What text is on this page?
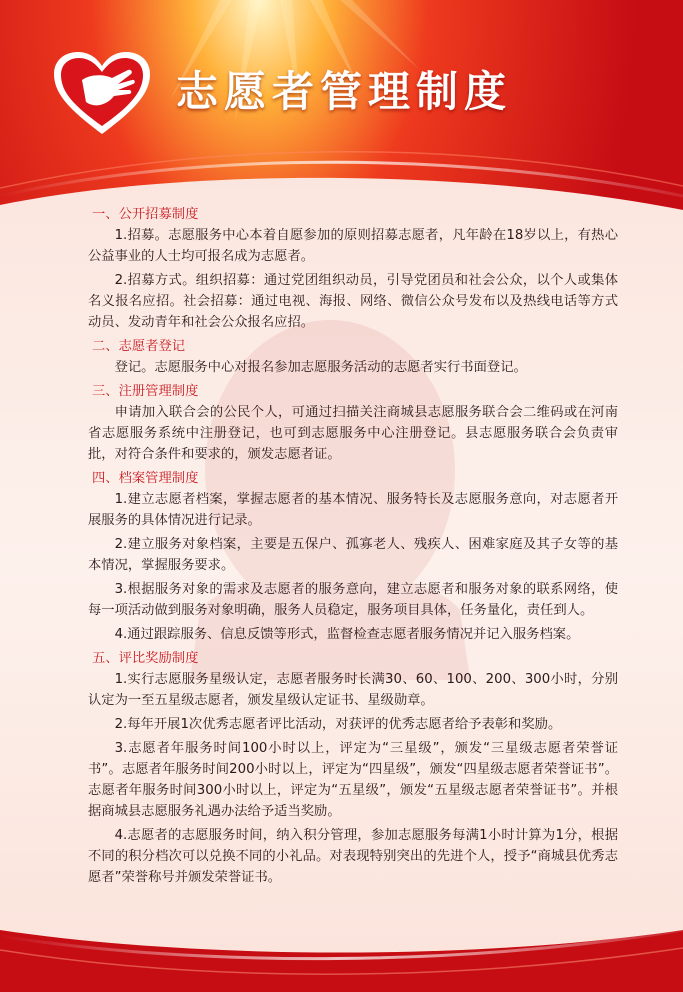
志愿者管理制度
一、公开招募制度

1.招募。志愿服务中心本着自愿参加的原则招募志愿者，凡年龄在18岁以上，有热心公益事业的人士均可报名成为志愿者。

2.招募方式。组织招募：通过党团组织动员，引导党团员和社会公众，以个人或集体名义报名应招。社会招募：通过电视、海报、网络、微信公众号发布以及热线电话等方式动员、发动青年和社会公众报名应招。

二、志愿者登记

登记。志愿服务中心对报名参加志愿服务活动的志愿者实行书面登记。

三、注册管理制度

申请加入联合会的公民个人，可通过扫描关注商城县志愿服务联合会二维码或在河南省志愿服务系统中注册登记，也可到志愿服务中心注册登记。县志愿服务联合会负责审批，对符合条件和要求的，颁发志愿者证。

四、档案管理制度

1.建立志愿者档案，掌握志愿者的基本情况、服务特长及志愿服务意向，对志愿者开展服务的具体情况进行记录。

2.建立服务对象档案，主要是五保户、孤寡老人、残疾人、困难家庭及其子女等的基本情况，掌握服务要求。

3.根据服务对象的需求及志愿者的服务意向，建立志愿者和服务对象的联系网络，使每一项活动做到服务对象明确，服务人员稳定，服务项目具体，任务量化，责任到人。

4.通过跟踪服务、信息反馈等形式，监督检查志愿者服务情况并记入服务档案。

五、评比奖励制度

1.实行志愿服务星级认定，志愿者服务时长满30、60、100、200、300小时，分别认定为一至五星级志愿者，颁发星级认定证书、星级勋章。

2.每年开展1次优秀志愿者评比活动，对获评的优秀志愿者给予表彰和奖励。

3.志愿者年服务时间100小时以上，评定为“三星级”，颁发“三星级志愿者荣誉证书”。志愿者年服务时间200小时以上，评定为“四星级”，颁发“四星级志愿者荣誉证书”。志愿者年服务时间300小时以上，评定为“五星级”，颁发“五星级志愿者荣誉证书”。并根据商城县志愿服务礼遇办法给予适当奖励。

4.志愿者的志愿服务时间，纳入积分管理，参加志愿服务每满1小时计算为1分，根据不同的积分档次可以兑换不同的小礼品。对表现特别突出的先进个人，授予“商城县优秀志愿者”荣誉称号并颁发荣誉证书。
